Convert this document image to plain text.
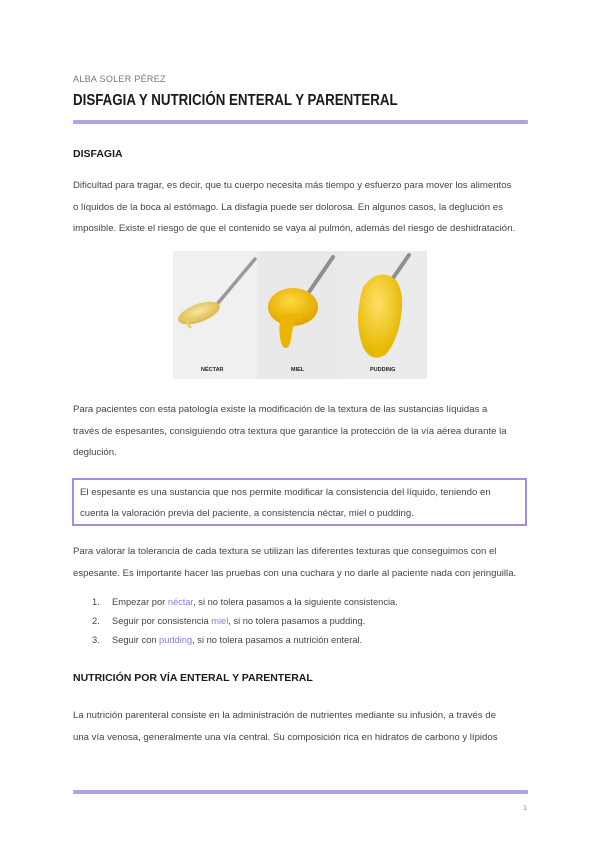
ALBA SOLER PÉREZ
DISFAGIA Y NUTRICIÓN ENTERAL Y PARENTERAL
DISFAGIA
Dificultad para tragar, es decir, que tu cuerpo necesita más tiempo y esfuerzo para mover los alimentos
o líquidos de la boca al estómago. La disfagia puede ser dolorosa. En algunos casos, la deglución es
imposible. Existe el riesgo de que el contenido se vaya al pulmón, además del riesgo de deshidratación.
NÉCTAR	MIEL	PUDDING
Para pacientes con esta patología existe la modificación de la textura de las sustancias líquidas a
través de espesantes, consiguiendo otra textura que garantice la protección de la vía aérea durante la
deglución.
El espesante es una sustancia que nos permite modificar la consistencia del líquido, teniendo en
cuenta la valoración previa del paciente, a consistencia néctar, miel o pudding.
Para valorar la tolerancia de cada textura se utilizan las diferentes texturas que conseguimos con el
espesante. Es importante hacer las pruebas con una cuchara y no darle al paciente nada con jeringuilla.
1. Empezar por néctar, si no tolera pasamos a la siguiente consistencia.
2. Seguir por consistencia miel, si no tolera pasamos a pudding.
3. Seguir con pudding, si no tolera pasamos a nutrición enteral.
NUTRICIÓN POR VÍA ENTERAL Y PARENTERAL
La nutrición parenteral consiste en la administración de nutrientes mediante su infusión, a través de
una vía venosa, generalmente una vía central. Su composición rica en hidratos de carbono y lípidos
1
